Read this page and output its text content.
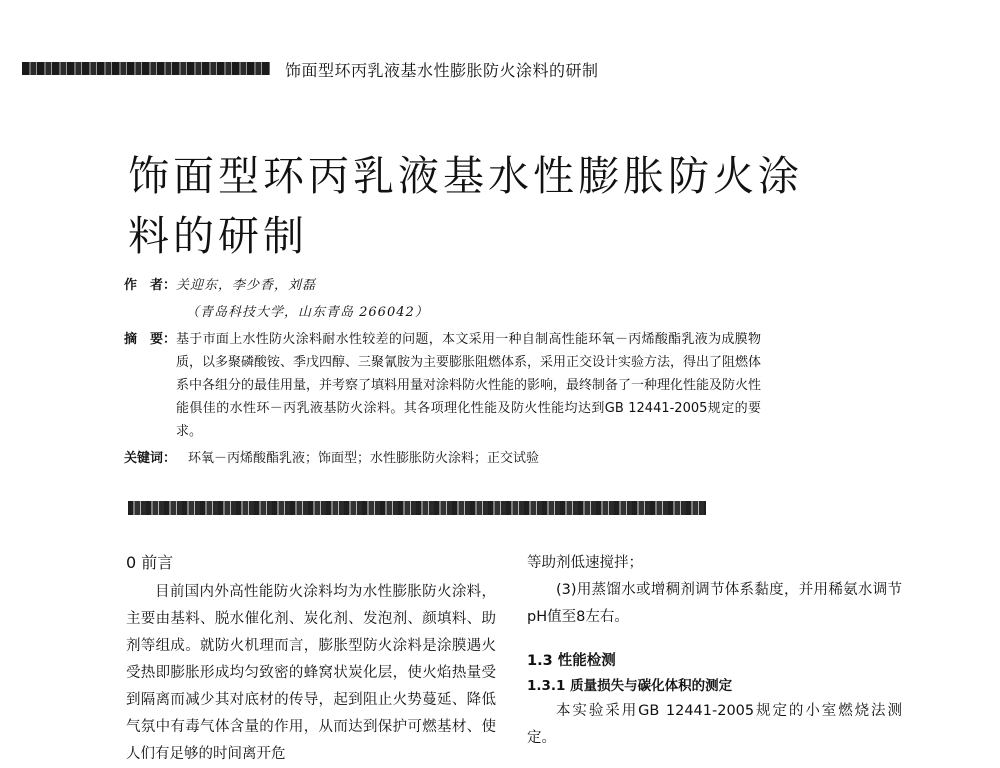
饰面型环丙乳液基水性膨胀防火涂料的研制
饰面型环丙乳液基水性膨胀防火涂料的研制
作　者： 关迎东，李少香，刘磊
（青岛科技大学，山东青岛 266042）
摘　要： 基于市面上水性防火涂料耐水性较差的问题，本文采用一种自制高性能环氧－丙烯酸酯乳液为成膜物质，以多聚磷酸铵、季戊四醇、三聚氰胺为主要膨胀阻燃体系，采用正交设计实验方法，得出了阻燃体系中各组分的最佳用量，并考察了填料用量对涂料防火性能的影响，最终制备了一种理化性能及防火性能俱佳的水性环－丙乳液基防火涂料。其各项理化性能及防火性能均达到GB 12441-2005规定的要求。
关键词： 环氧－丙烯酸酯乳液；饰面型；水性膨胀防火涂料；正交试验
0 前言

目前国内外高性能防火涂料均为水性膨胀防火涂料，主要由基料、脱水催化剂、炭化剂、发泡剂、颜填料、助剂等组成。就防火机理而言，膨胀型防火涂料是涂膜遇火受热即膨胀形成均匀致密的蜂窝状炭化层，使火焰热量受到隔离而减少其对底材的传导，起到阻止火势蔓延、降低气氛中有毒气体含量的作用，从而达到保护可燃基材、使人们有足够的时间离开危

等助剂低速搅拌；

(3)用蒸馏水或增稠剂调节体系黏度，并用稀氨水调节pH值至8左右。

1.3 性能检测
1.3.1 质量损失与碳化体积的测定

本实验采用GB 12441-2005规定的小室燃烧法测定。
